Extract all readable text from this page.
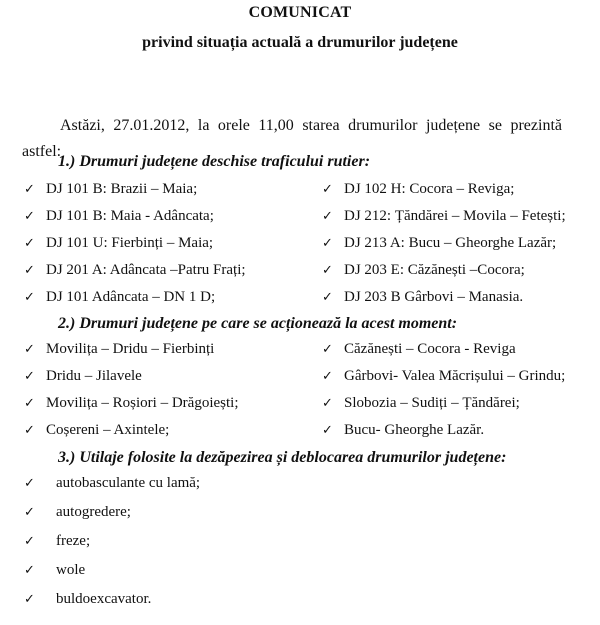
COMUNICAT
privind situația actuală a drumurilor județene

Astăzi, 27.01.2012, la orele 11,00 starea drumurilor județene se prezintă astfel:

1.) Drumuri județene deschise traficului rutier:
✓ DJ 101 B: Brazii – Maia;
✓ DJ 101 B: Maia - Adâncata;
✓ DJ 101 U: Fierbinți – Maia;
✓ DJ 201 A: Adâncata –Patru Frați;
✓ DJ 101 Adâncata – DN 1 D;
✓ DJ 102 H: Cocora – Reviga;
✓ DJ 212: Țăndărei – Movila – Fetești;
✓ DJ 213 A: Bucu – Gheorghe Lazăr;
✓ DJ 203 E: Căzănești –Cocora;
✓ DJ 203 B Gârbovi – Manasia.
2.) Drumuri județene pe care se acționează la acest moment:
✓ Movilița – Dridu – Fierbinți
✓ Dridu – Jilavele
✓ Movilița – Roșiori – Drăgoiești;
✓ Coșereni – Axintele;
✓ Căzănești – Cocora - Reviga
✓ Gârbovi- Valea Măcrișului – Grindu;
✓ Slobozia – Sudiți – Țăndărei;
✓ Bucu- Gheorghe Lazăr.
3.) Utilaje folosite la dezăpezirea și deblocarea drumurilor județene:
✓ autobasculante cu lamă;
✓ autogredere;
✓ freze;
✓ wole
✓ buldoexcavator.
